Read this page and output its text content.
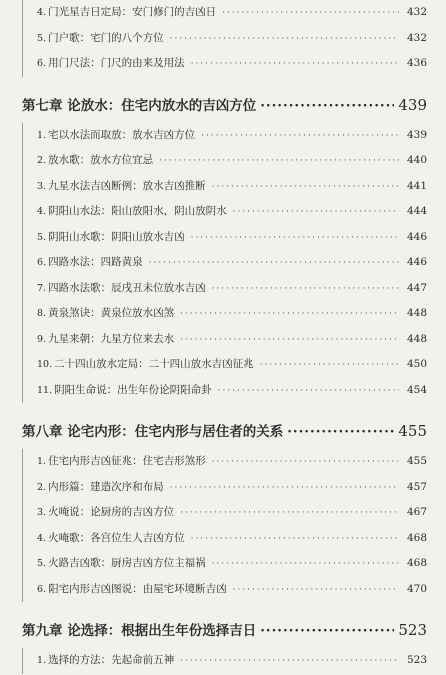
4. 门光星吉日定局：安门修门的吉凶日 ·····	432
5. 门户歌：宅门的八个方位 ·····	432
6. 用门尺法：门尺的由来及用法 ·····	436
第七章 论放水：住宅内放水的吉凶方位 ·····	439
1. 宅以水法而取放：放水吉凶方位 ·····	439
2. 放水歌：放水方位宜忌 ·····	440
3. 九星水法吉凶断例：放水吉凶推断 ·····	441
4. 阴阳山水法：阳山放阳水，阴山放阴水 ·····	444
5. 阴阳山水歌：阴阳山放水吉凶 ·····	446
6. 四路水法：四路黄泉 ·····	446
7. 四路水法歌：辰戌丑未位放水吉凶 ·····	447
8. 黄泉煞诀：黄泉位放水凶煞 ·····	448
9. 九星来朝：九星方位来去水 ·····	448
10. 二十四山放水定局：二十四山放水吉凶征兆 ·····	450
11. 阴阳生命说：出生年份论阴阳命卦 ·····	454
第八章 论宅内形：住宅内形与居住者的关系 ·····	455
1. 住宅内形吉凶征兆：住宅吉形煞形 ·····	455
2. 内形篇：建造次序和布局 ·····	457
3. 火唵说：论厨房的吉凶方位 ·····	467
4. 火唵歌：各宫位生人吉凶方位 ·····	468
5. 火路吉凶歌：厨房吉凶方位主福祸 ·····	468
6. 阳宅内形吉凶图说：由屋宅环境断吉凶 ·····	470
第九章 论选择：根据出生年份选择吉日 ·····	523
1. 选择的方法：先起命前五神 ·····	523
